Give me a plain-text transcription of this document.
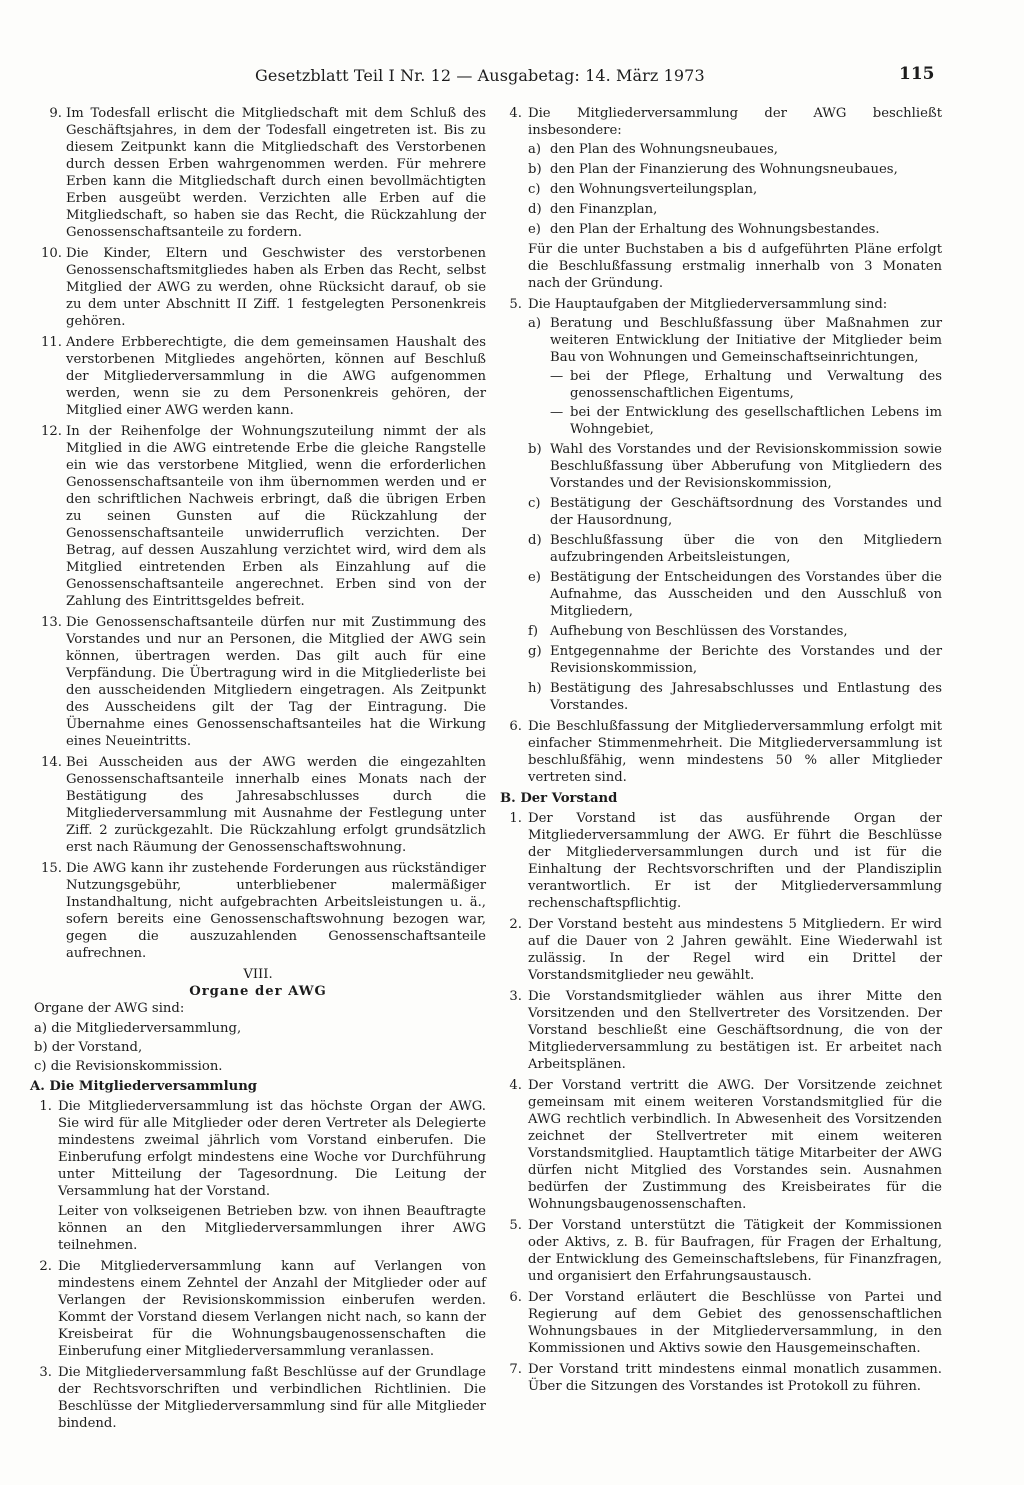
Gesetzblatt Teil I Nr. 12 — Ausgabetag: 14. März 1973	115
9. Im Todesfall erlischt die Mitgliedschaft mit dem Schluß des Geschäftsjahres, in dem der Todesfall eingetreten ist. Bis zu diesem Zeitpunkt kann die Mitgliedschaft des Verstorbenen durch dessen Erben wahrgenommen werden. Für mehrere Erben kann die Mitgliedschaft durch einen bevollmächtigten Erben ausgeübt werden. Verzichten alle Erben auf die Mitgliedschaft, so haben sie das Recht, die Rückzahlung der Genossenschaftsanteile zu fordern.
10. Die Kinder, Eltern und Geschwister des verstorbenen Genossenschaftsmitgliedes haben als Erben das Recht, selbst Mitglied der AWG zu werden, ohne Rücksicht darauf, ob sie zu dem unter Abschnitt II Ziff. 1 festgelegten Personenkreis gehören.
11. Andere Erbberechtigte, die dem gemeinsamen Haushalt des verstorbenen Mitgliedes angehörten, können auf Beschluß der Mitgliederversammlung in die AWG aufgenommen werden, wenn sie zu dem Personenkreis gehören, der Mitglied einer AWG werden kann.
12. In der Reihenfolge der Wohnungszuteilung nimmt der als Mitglied in die AWG eintretende Erbe die gleiche Rangstelle ein wie das verstorbene Mitglied, wenn die erforderlichen Genossenschaftsanteile von ihm übernommen werden und er den schriftlichen Nachweis erbringt, daß die übrigen Erben zu seinen Gunsten auf die Rückzahlung der Genossenschaftsanteile unwiderruflich verzichten. Der Betrag, auf dessen Auszahlung verzichtet wird, wird dem als Mitglied eintretenden Erben als Einzahlung auf die Genossenschaftsanteile angerechnet. Erben sind von der Zahlung des Eintrittsgeldes befreit.
13. Die Genossenschaftsanteile dürfen nur mit Zustimmung des Vorstandes und nur an Personen, die Mitglied der AWG sein können, übertragen werden. Das gilt auch für eine Verpfändung. Die Übertragung wird in die Mitgliederliste bei den ausscheidenden Mitgliedern eingetragen. Als Zeitpunkt des Ausscheidens gilt der Tag der Eintragung. Die Übernahme eines Genossenschaftsanteiles hat die Wirkung eines Neueintritts.
14. Bei Ausscheiden aus der AWG werden die eingezahlten Genossenschaftsanteile innerhalb eines Monats nach der Bestätigung des Jahresabschlusses durch die Mitgliederversammlung mit Ausnahme der Festlegung unter Ziff. 2 zurückgezahlt. Die Rückzahlung erfolgt grundsätzlich erst nach Räumung der Genossenschaftswohnung.
15. Die AWG kann ihr zustehende Forderungen aus rückständiger Nutzungsgebühr, unterbliebener malermäßiger Instandhaltung, nicht aufgebrachten Arbeitsleistungen u. ä., sofern bereits eine Genossenschaftswohnung bezogen war, gegen die auszuzahlenden Genossenschaftsanteile aufrechnen.
VIII.
Organe der AWG
Organe der AWG sind:
a) die Mitgliederversammlung,
b) der Vorstand,
c) die Revisionskommission.
A. Die Mitgliederversammlung
1. Die Mitgliederversammlung ist das höchste Organ der AWG. Sie wird für alle Mitglieder oder deren Vertreter als Delegierte mindestens zweimal jährlich vom Vorstand einberufen. Die Einberufung erfolgt mindestens eine Woche vor Durchführung unter Mitteilung der Tagesordnung. Die Leitung der Versammlung hat der Vorstand.
Leiter von volkseigenen Betrieben bzw. von ihnen Beauftragte können an den Mitgliederversammlungen ihrer AWG teilnehmen.
2. Die Mitgliederversammlung kann auf Verlangen von mindestens einem Zehntel der Anzahl der Mitglieder oder auf Verlangen der Revisionskommission einberufen werden. Kommt der Vorstand diesem Verlangen nicht nach, so kann der Kreisbeirat für die Wohnungsbaugenossenschaften die Einberufung einer Mitgliederversammlung veranlassen.
3. Die Mitgliederversammlung faßt Beschlüsse auf der Grundlage der Rechtsvorschriften und verbindlichen Richtlinien. Die Beschlüsse der Mitgliederversammlung sind für alle Mitglieder bindend.
4. Die Mitgliederversammlung der AWG beschließt insbesondere:
a) den Plan des Wohnungsneubaues,
b) den Plan der Finanzierung des Wohnungsneubaues,
c) den Wohnungsverteilungsplan,
d) den Finanzplan,
e) den Plan der Erhaltung des Wohnungsbestandes.
Für die unter Buchstaben a bis d aufgeführten Pläne erfolgt die Beschlußfassung erstmalig innerhalb von 3 Monaten nach der Gründung.
5. Die Hauptaufgaben der Mitgliederversammlung sind:
a) Beratung und Beschlußfassung über Maßnahmen zur weiteren Entwicklung der Initiative der Mitglieder beim Bau von Wohnungen und Gemeinschaftseinrichtungen,
— bei der Pflege, Erhaltung und Verwaltung des genossenschaftlichen Eigentums,
— bei der Entwicklung des gesellschaftlichen Lebens im Wohngebiet,
b) Wahl des Vorstandes und der Revisionskommission sowie Beschlußfassung über Abberufung von Mitgliedern des Vorstandes und der Revisionskommission,
c) Bestätigung der Geschäftsordnung des Vorstandes und der Hausordnung,
d) Beschlußfassung über die von den Mitgliedern aufzubringenden Arbeitsleistungen,
e) Bestätigung der Entscheidungen des Vorstandes über die Aufnahme, das Ausscheiden und den Ausschluß von Mitgliedern,
f) Aufhebung von Beschlüssen des Vorstandes,
g) Entgegennahme der Berichte des Vorstandes und der Revisionskommission,
h) Bestätigung des Jahresabschlusses und Entlastung des Vorstandes.
6. Die Beschlußfassung der Mitgliederversammlung erfolgt mit einfacher Stimmenmehrheit. Die Mitgliederversammlung ist beschlußfähig, wenn mindestens 50 % aller Mitglieder vertreten sind.
B. Der Vorstand
1. Der Vorstand ist das ausführende Organ der Mitgliederversammlung der AWG. Er führt die Beschlüsse der Mitgliederversammlungen durch und ist für die Einhaltung der Rechtsvorschriften und der Plandisziplin verantwortlich. Er ist der Mitgliederversammlung rechenschaftspflichtig.
2. Der Vorstand besteht aus mindestens 5 Mitgliedern. Er wird auf die Dauer von 2 Jahren gewählt. Eine Wiederwahl ist zulässig. In der Regel wird ein Drittel der Vorstandsmitglieder neu gewählt.
3. Die Vorstandsmitglieder wählen aus ihrer Mitte den Vorsitzenden und den Stellvertreter des Vorsitzenden. Der Vorstand beschließt eine Geschäftsordnung, die von der Mitgliederversammlung zu bestätigen ist. Er arbeitet nach Arbeitsplänen.
4. Der Vorstand vertritt die AWG. Der Vorsitzende zeichnet gemeinsam mit einem weiteren Vorstandsmitglied für die AWG rechtlich verbindlich. In Abwesenheit des Vorsitzenden zeichnet der Stellvertreter mit einem weiteren Vorstandsmitglied. Hauptamtlich tätige Mitarbeiter der AWG dürfen nicht Mitglied des Vorstandes sein. Ausnahmen bedürfen der Zustimmung des Kreisbeirates für die Wohnungsbaugenossenschaften.
5. Der Vorstand unterstützt die Tätigkeit der Kommissionen oder Aktivs, z. B. für Baufragen, für Fragen der Erhaltung, der Entwicklung des Gemeinschaftslebens, für Finanzfragen, und organisiert den Erfahrungsaustausch.
6. Der Vorstand erläutert die Beschlüsse von Partei und Regierung auf dem Gebiet des genossenschaftlichen Wohnungsbaues in der Mitgliederversammlung, in den Kommissionen und Aktivs sowie den Hausgemeinschaften.
7. Der Vorstand tritt mindestens einmal monatlich zusammen. Über die Sitzungen des Vorstandes ist Protokoll zu führen.
